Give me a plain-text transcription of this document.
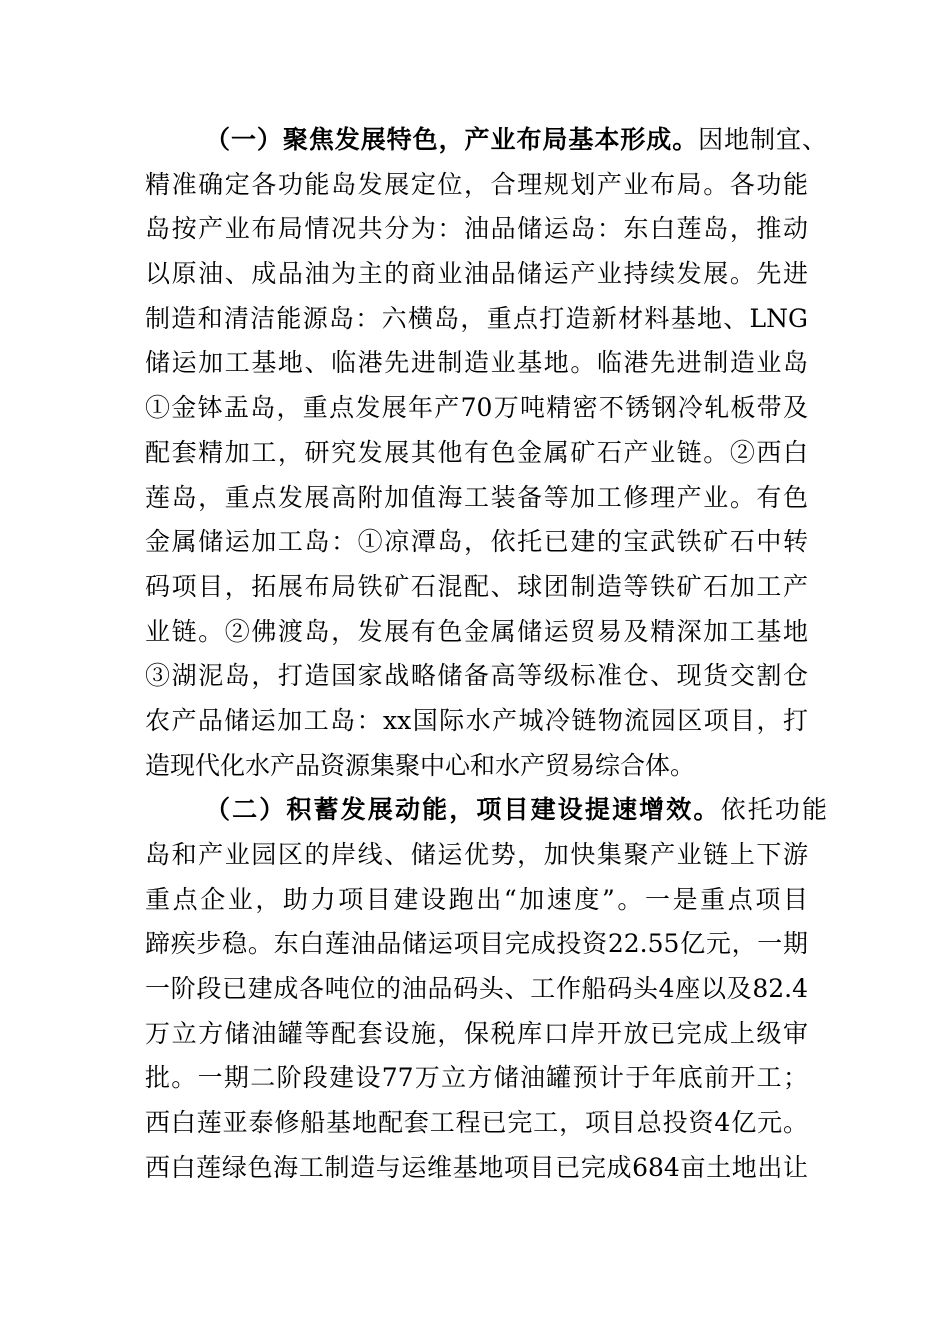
（一）聚焦发展特色，产业布局基本形成。因地制宜、
精准确定各功能岛发展定位，合理规划产业布局。各功能
岛按产业布局情况共分为：油品储运岛：东白莲岛，推动
以原油、成品油为主的商业油品储运产业持续发展。先进
制造和清洁能源岛：六横岛，重点打造新材料基地、LNG
储运加工基地、临港先进制造业基地。临港先进制造业岛
①金钵盂岛，重点发展年产70万吨精密不锈钢冷轧板带及
配套精加工，研究发展其他有色金属矿石产业链。②西白
莲岛，重点发展高附加值海工装备等加工修理产业。有色
金属储运加工岛：①凉潭岛，依托已建的宝武铁矿石中转
码项目，拓展布局铁矿石混配、球团制造等铁矿石加工产
业链。②佛渡岛，发展有色金属储运贸易及精深加工基地
③湖泥岛，打造国家战略储备高等级标准仓、现货交割仓
农产品储运加工岛：xx国际水产城冷链物流园区项目，打
造现代化水产品资源集聚中心和水产贸易综合体。
（二）积蓄发展动能，项目建设提速增效。依托功能
岛和产业园区的岸线、储运优势，加快集聚产业链上下游
重点企业，助力项目建设跑出“加速度”。一是重点项目
蹄疾步稳。东白莲油品储运项目完成投资22.55亿元，一期
一阶段已建成各吨位的油品码头、工作船码头4座以及82.4
万立方储油罐等配套设施，保税库口岸开放已完成上级审
批。一期二阶段建设77万立方储油罐预计于年底前开工；
西白莲亚泰修船基地配套工程已完工，项目总投资4亿元。
西白莲绿色海工制造与运维基地项目已完成684亩土地出让
